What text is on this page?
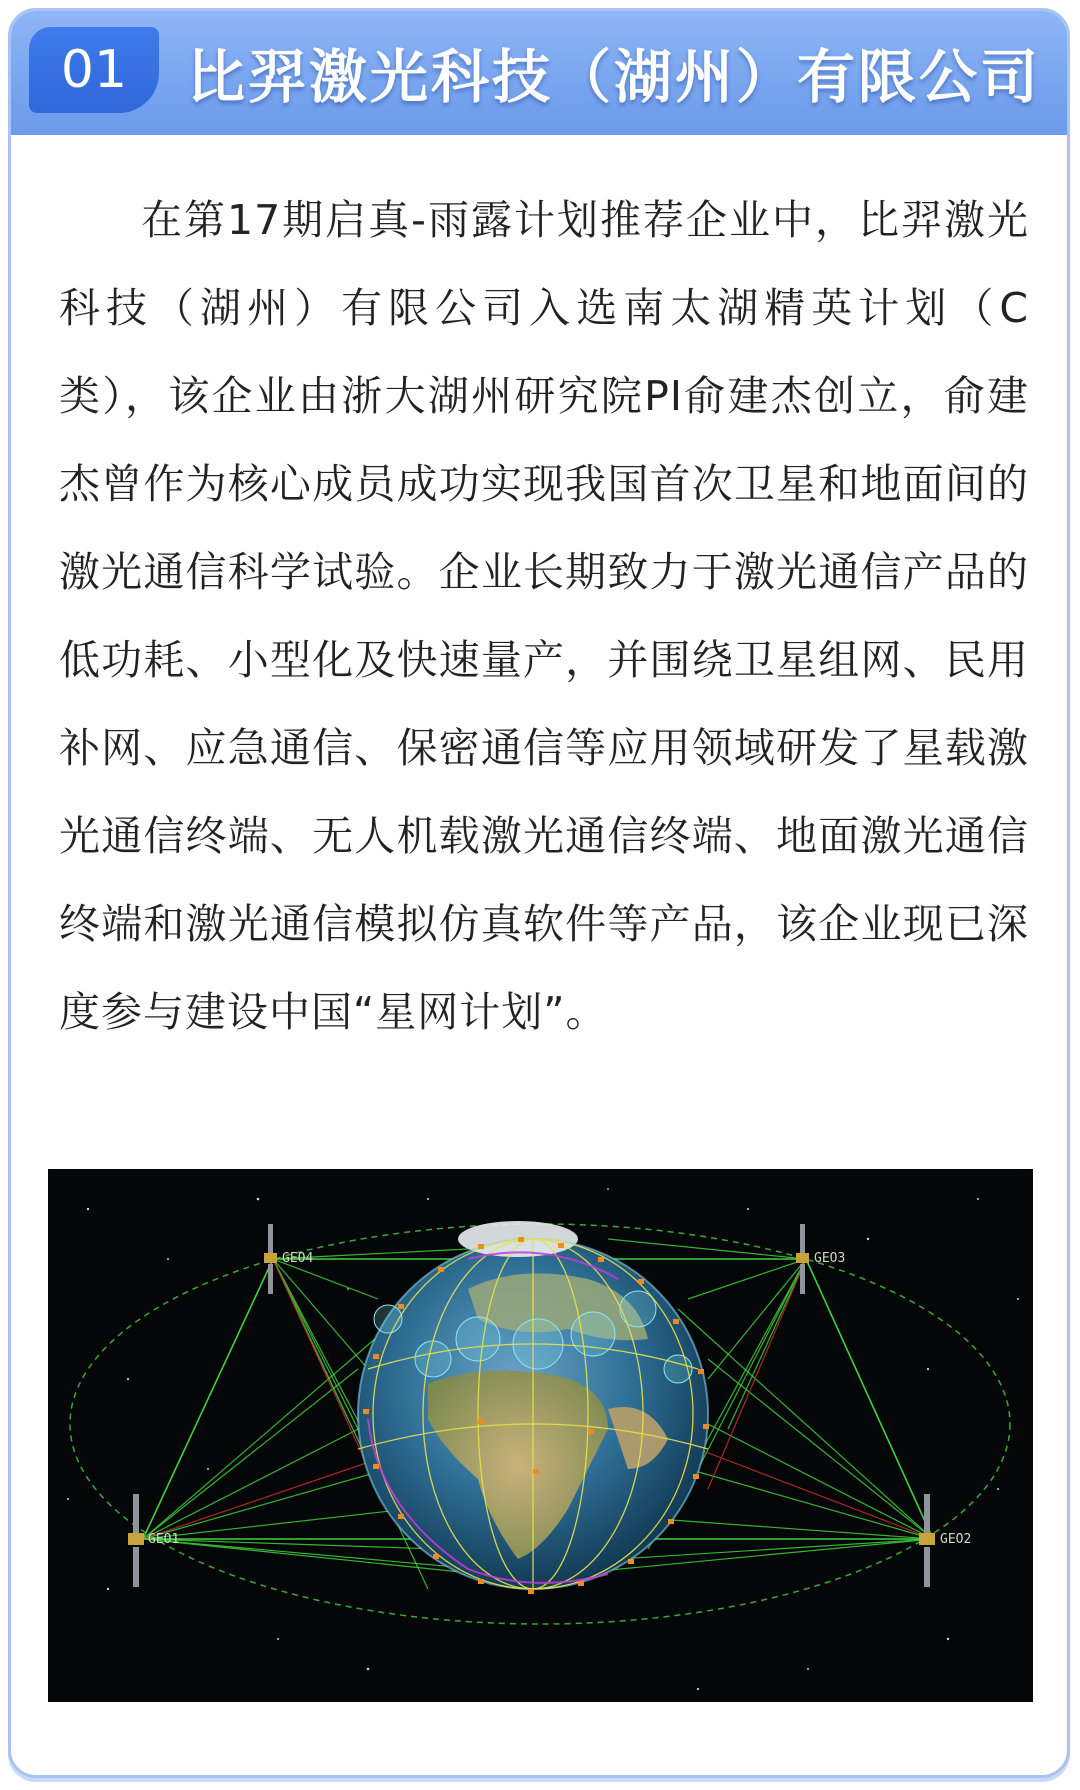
01	比羿激光科技（湖州）有限公司
在第17期启真-雨露计划推荐企业中，比羿激光科技（湖州）有限公司入选南太湖精英计划（C类），该企业由浙大湖州研究院PI俞建杰创立，俞建杰曾作为核心成员成功实现我国首次卫星和地面间的激光通信科学试验。企业长期致力于激光通信产品的低功耗、小型化及快速量产，并围绕卫星组网、民用补网、应急通信、保密通信等应用领域研发了星载激光通信终端、无人机载激光通信终端、地面激光通信终端和激光通信模拟仿真软件等产品，该企业现已深度参与建设中国“星网计划”。
GEO1	GEO2
GEO3
GEO4
